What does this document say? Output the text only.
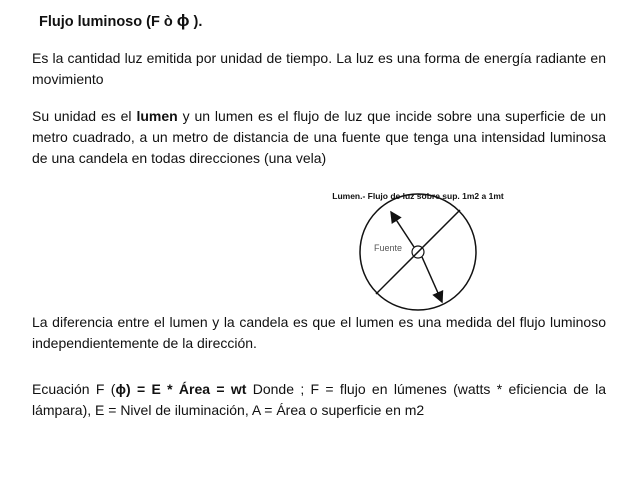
Flujo luminoso (F ò ϕ ).
Es la cantidad luz emitida por unidad de tiempo. La luz es una forma de energía radiante en movimiento
Su unidad es el lumen y un lumen es el flujo de luz que incide sobre una superficie de un metro cuadrado, a un metro de distancia de una fuente que tenga una intensidad luminosa de una candela en todas direcciones (una vela)
Lumen.- Flujo de luz sobre sup. 1m2 a 1mt
Fuente
La diferencia entre el lumen y la candela es que el lumen es una medida del flujo luminoso independientemente de la dirección.
Ecuación F (ϕ) = E * Área = wt Donde ; F = flujo en lúmenes (watts * eficiencia de la lámpara), E = Nivel de iluminación, A = Área o superficie en m2
